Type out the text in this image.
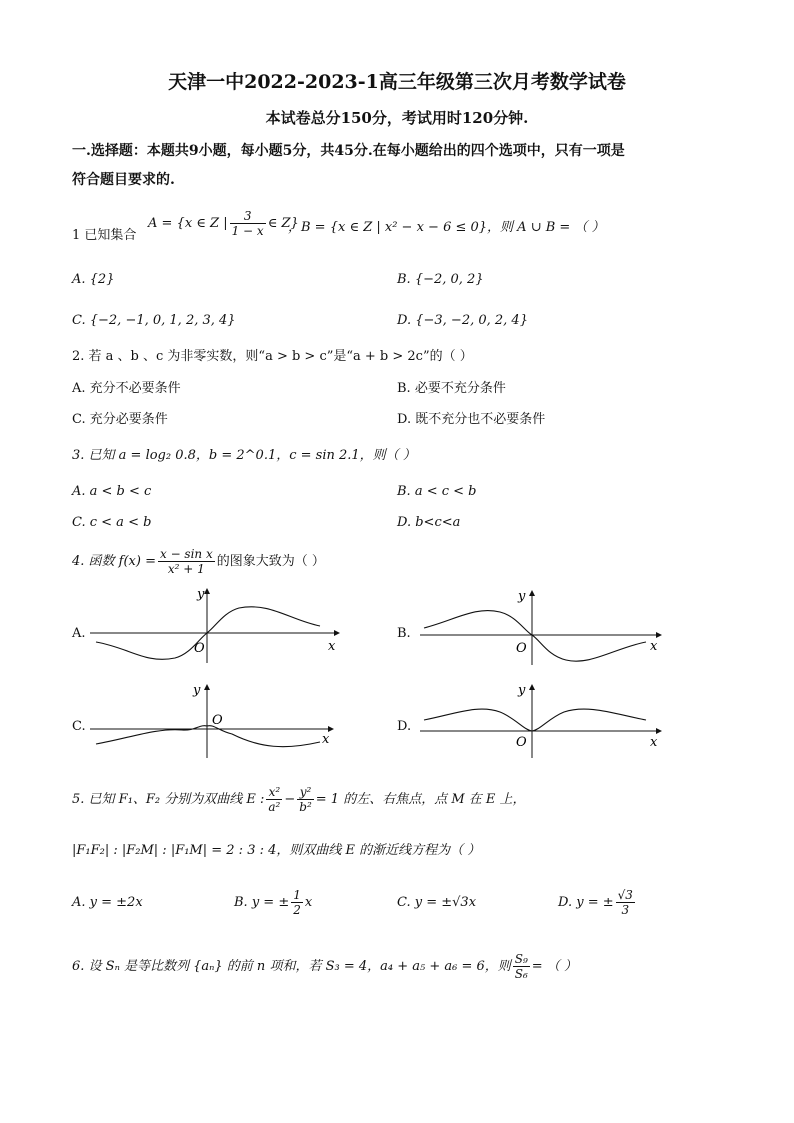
天津一中2022-2023-1高三年级第三次月考数学试卷
本试卷总分150分，考试用时120分钟.
一.选择题：本题共9小题，每小题5分，共45分.在每小题给出的四个选项中，只有一项是
符合题目要求的.
1 已知集合
A = {x ∈ Z | $\frac{3}{1 - x}$ ∈ Z}
，B = {x ∈ Z | x² − x − 6 ≤ 0}，则 A ∪ B = （ ）
A. {2}	B. {−2, 0, 2}
C. {−2, −1, 0, 1, 2, 3, 4}	D. {−3, −2, 0, 2, 4}
2. 若 a 、b 、c 为非零实数，则“a > b > c”是“a + b > 2c”的（ ）
A. 充分不必要条件	B. 必要不充分条件
C. 充分必要条件	D. 既不充分也不必要条件
3. 已知 a = log₂ 0.8，b = 2^0.1，c = sin 2.1，则（ ）
A. a < b < c	B. a < c < b
C. c < a < b	D. b<c<a
4. 函数 $f(x) = \frac{\text{x − sin x}}{\text{x² + 1}}$ 的图象大致为（ ）
A.	B.
C.	D.
y
O	x
y
O	x
y
O
x
y
O	x
5. 已知 F₁、F₂ 分别为双曲线 E : $\frac{\text{x²}}{\text{a²}} - \frac{\text{y²}}{\text{b²}} = 1$ 的左、右焦点，点 M 在 E 上，
|F₁F₂| : |F₂M| : |F₁M| = 2 : 3 : 4，则双曲线 E 的渐近线方程为（ ）
A. y = ±2x	B. y = ± $\frac{1}{2}$ x	C. y = ±√3x	D. y = ± $\frac{√3}{3}$
6. 设 Sₙ 是等比数列 {aₙ} 的前 n 项和，若 S₃ = 4，a₄ + a₅ + a₆ = 6，则 $\frac{\text{S₉}}{\text{S₆}}$ = （ ）
